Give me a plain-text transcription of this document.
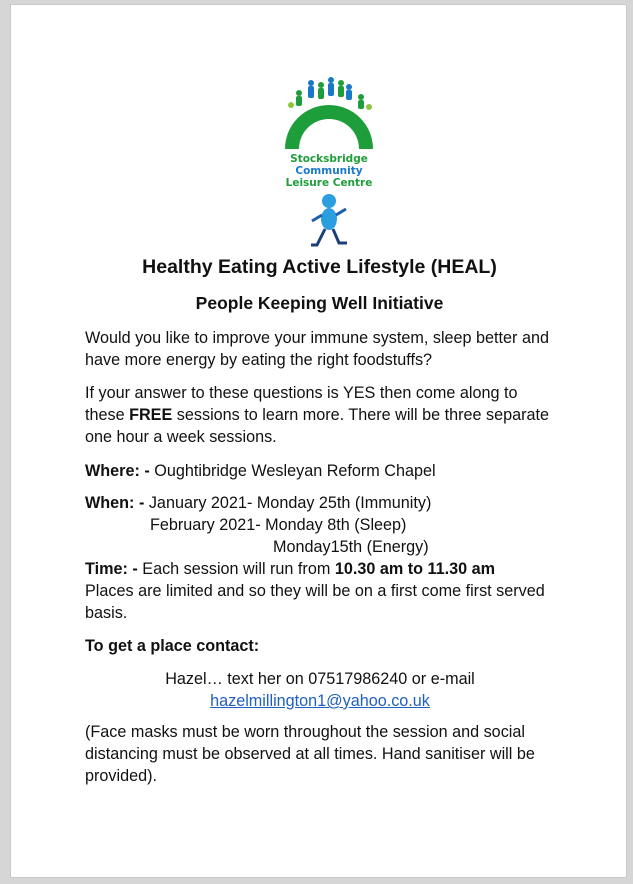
Stocksbridge
Community
Leisure Centre
Healthy Eating Active Lifestyle (HEAL)
People Keeping Well Initiative

Would you like to improve your immune system, sleep better and have more energy by eating the right foodstuffs?

If your answer to these questions is YES then come along to these FREE sessions to learn more. There will be three separate one hour a week sessions.

Where: - Oughtibridge Wesleyan Reform Chapel

When: - January 2021- Monday 25th (Immunity)

February 2021- Monday 8th (Sleep)

Monday15th (Energy)

Time: - Each session will run from 10.30 am to 11.30 am

Places are limited and so they will be on a first come first served basis.

To get a place contact:

Hazel… text her on 07517986240 or e-mail

hazelmillington1@yahoo.co.uk

(Face masks must be worn throughout the session and social distancing must be observed at all times. Hand sanitiser will be provided).
